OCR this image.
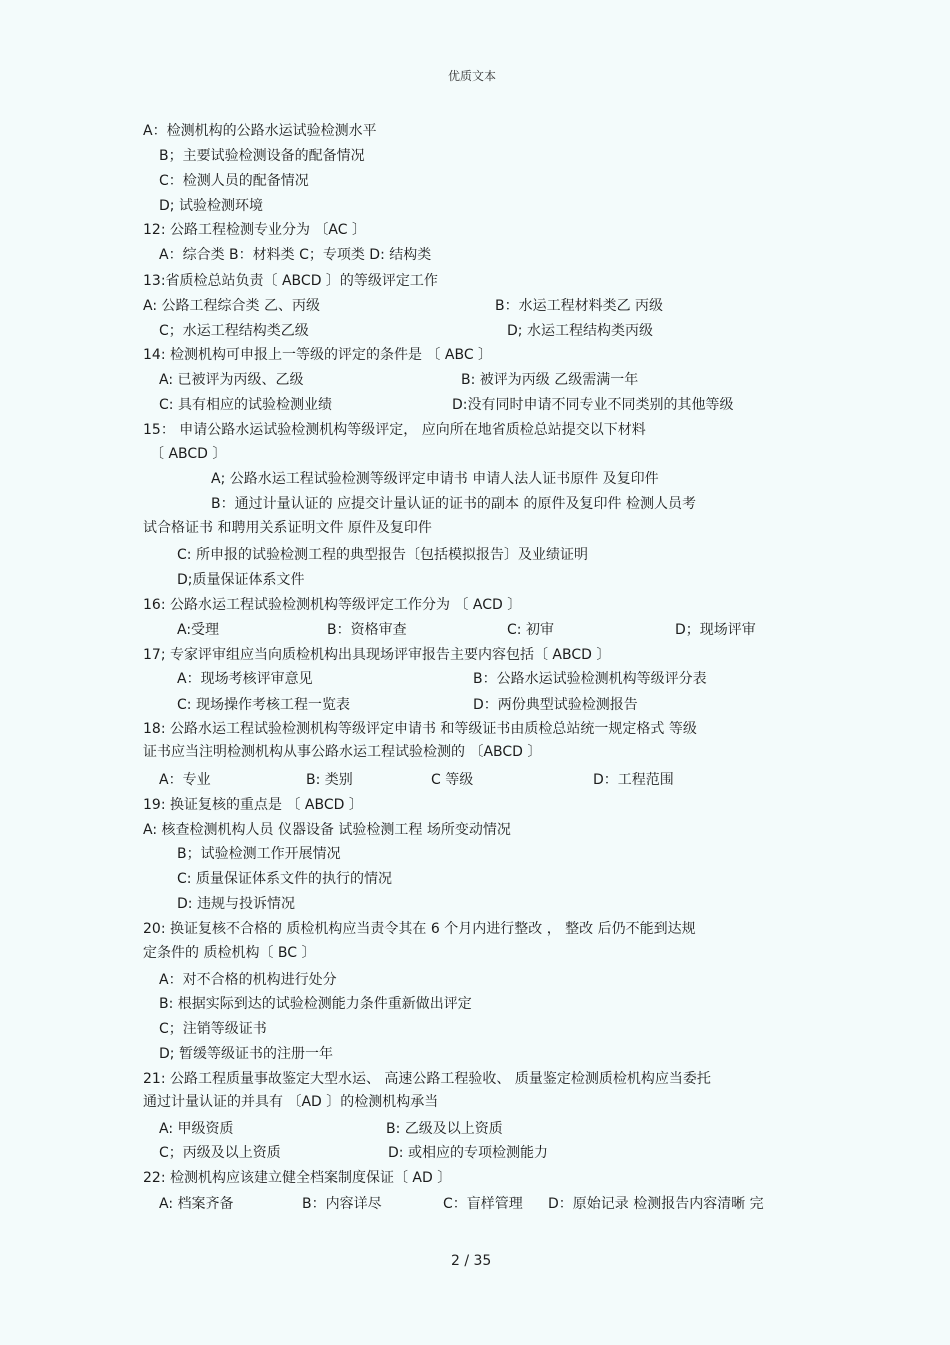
优质文本
A：检测机构的公路水运试验检测水平
B；主要试验检测设备的配备情况
C：检测人员的配备情况
D; 试验检测环境
12: 公路工程检测专业分为 〔AC 〕
A：综合类 B：材料类 C；专项类 D: 结构类
13:省质检总站负责〔 ABCD 〕的等级评定工作
A: 公路工程综合类 乙、丙级	B：水运工程材料类乙 丙级
C；水运工程结构类乙级	D; 水运工程结构类丙级
14: 检测机构可申报上一等级的评定的条件是 〔 ABC 〕
A: 已被评为丙级、乙级	B: 被评为丙级 乙级需满一年
C: 具有相应的试验检测业绩	D:没有同时申请不同专业不同类别的其他等级
15： 申请公路水运试验检测机构等级评定， 应向所在地省质检总站提交以下材料
〔 ABCD 〕
A; 公路水运工程试验检测等级评定申请书 申请人法人证书原件 及复印件
B：通过计量认证的 应提交计量认证的证书的副本 的原件及复印件 检测人员考
试合格证书 和聘用关系证明文件 原件及复印件
C: 所申报的试验检测工程的典型报告〔包括模拟报告〕及业绩证明
D;质量保证体系文件
16: 公路水运工程试验检测机构等级评定工作分为 〔 ACD 〕
A:受理	B：资格审查	C: 初审	D；现场评审
17; 专家评审组应当向质检机构出具现场评审报告主要内容包括〔 ABCD 〕
A：现场考核评审意见	B：公路水运试验检测机构等级评分表
C: 现场操作考核工程一览表	D：两份典型试验检测报告
18: 公路水运工程试验检测机构等级评定申请书 和等级证书由质检总站统一规定格式 等级
证书应当注明检测机构从事公路水运工程试验检测的 〔ABCD 〕
A：专业	B: 类别	C 等级	D：工程范围
19: 换证复核的重点是 〔 ABCD 〕
A: 核查检测机构人员 仪器设备 试验检测工程 场所变动情况
B；试验检测工作开展情况
C: 质量保证体系文件的执行的情况
D: 违规与投诉情况
20: 换证复核不合格的 质检机构应当责令其在 6 个月内进行整改 ， 整改 后仍不能到达规
定条件的 质检机构〔 BC 〕
A：对不合格的机构进行处分
B: 根据实际到达的试验检测能力条件重新做出评定
C；注销等级证书
D; 暂缓等级证书的注册一年
21: 公路工程质量事故鉴定大型水运、 高速公路工程验收、 质量鉴定检测质检机构应当委托
通过计量认证的并具有 〔AD 〕的检测机构承当
A: 甲级资质	B: 乙级及以上资质
C；丙级及以上资质	D: 或相应的专项检测能力
22: 检测机构应该建立健全档案制度保证〔 AD 〕
A: 档案齐备	B：内容详尽	C：盲样管理 D：原始记录 检测报告内容清晰 完
2 / 35
